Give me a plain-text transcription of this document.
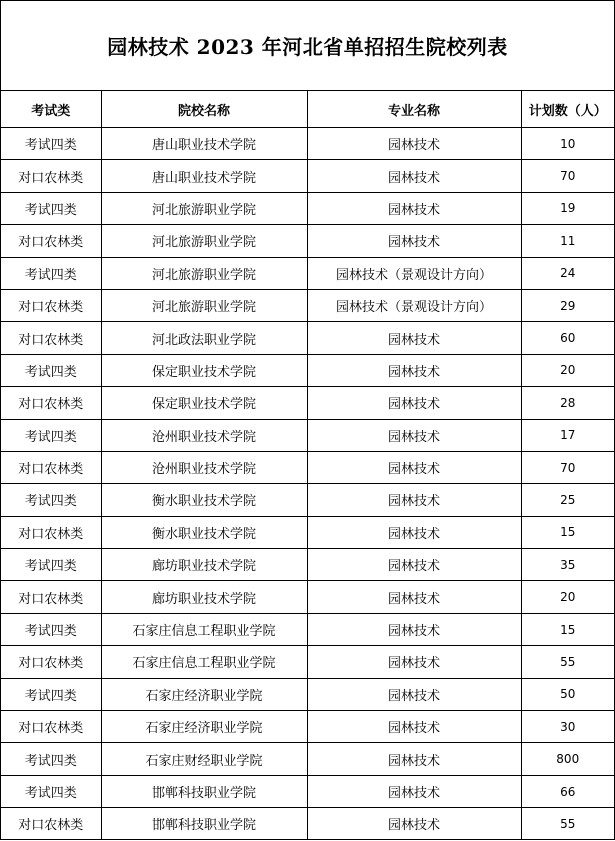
园林技术 2023 年河北省单招招生院校列表
考试类	院校名称	专业名称	计划数（人）
考试四类	唐山职业技术学院	园林技术	10
对口农林类	唐山职业技术学院	园林技术	70
考试四类	河北旅游职业学院	园林技术	19
对口农林类	河北旅游职业学院	园林技术	11
考试四类	河北旅游职业学院	园林技术（景观设计方向）	24
对口农林类	河北旅游职业学院	园林技术（景观设计方向）	29
对口农林类	河北政法职业学院	园林技术	60
考试四类	保定职业技术学院	园林技术	20
对口农林类	保定职业技术学院	园林技术	28
考试四类	沧州职业技术学院	园林技术	17
对口农林类	沧州职业技术学院	园林技术	70
考试四类	衡水职业技术学院	园林技术	25
对口农林类	衡水职业技术学院	园林技术	15
考试四类	廊坊职业技术学院	园林技术	35
对口农林类	廊坊职业技术学院	园林技术	20
考试四类	石家庄信息工程职业学院	园林技术	15
对口农林类	石家庄信息工程职业学院	园林技术	55
考试四类	石家庄经济职业学院	园林技术	50
对口农林类	石家庄经济职业学院	园林技术	30
考试四类	石家庄财经职业学院	园林技术	800
考试四类	邯郸科技职业学院	园林技术	66
对口农林类	邯郸科技职业学院	园林技术	55
